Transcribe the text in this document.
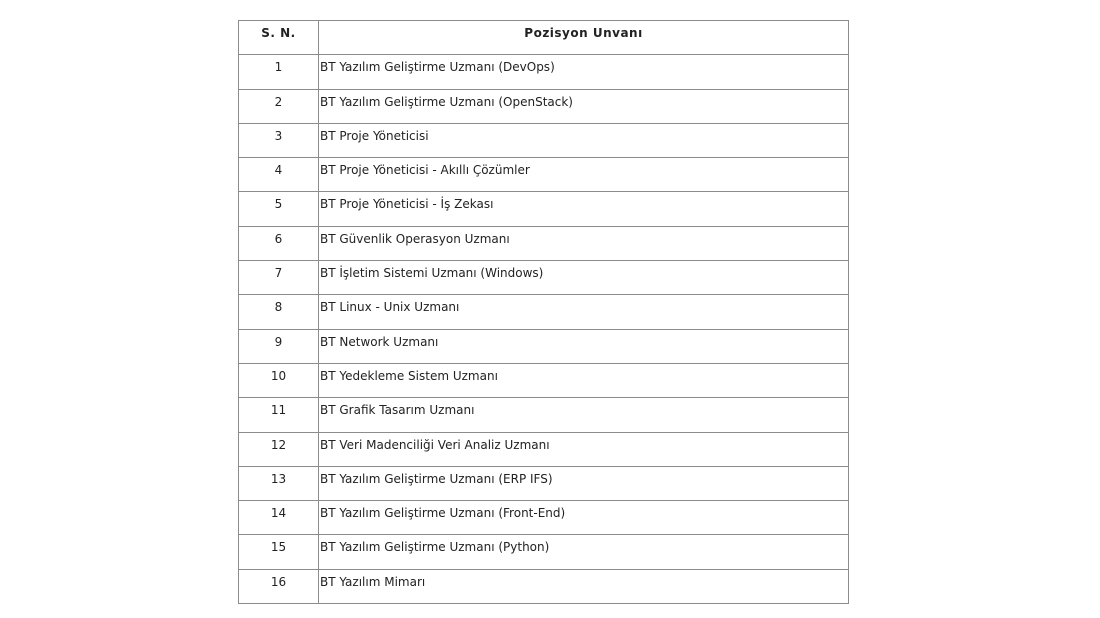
S. N.	Pozisyon Unvanı
1	BT Yazılım Geliştirme Uzmanı (DevOps)
2	BT Yazılım Geliştirme Uzmanı (OpenStack)
3	BT Proje Yöneticisi
4	BT Proje Yöneticisi - Akıllı Çözümler
5	BT Proje Yöneticisi - İş Zekası
6	BT Güvenlik Operasyon Uzmanı
7	BT İşletim Sistemi Uzmanı (Windows)
8	BT Linux - Unix Uzmanı
9	BT Network Uzmanı
10	BT Yedekleme Sistem Uzmanı
11	BT Grafik Tasarım Uzmanı
12	BT Veri Madenciliği Veri Analiz Uzmanı
13	BT Yazılım Geliştirme Uzmanı (ERP IFS)
14	BT Yazılım Geliştirme Uzmanı (Front-End)
15	BT Yazılım Geliştirme Uzmanı (Python)
16	BT Yazılım Mimarı
